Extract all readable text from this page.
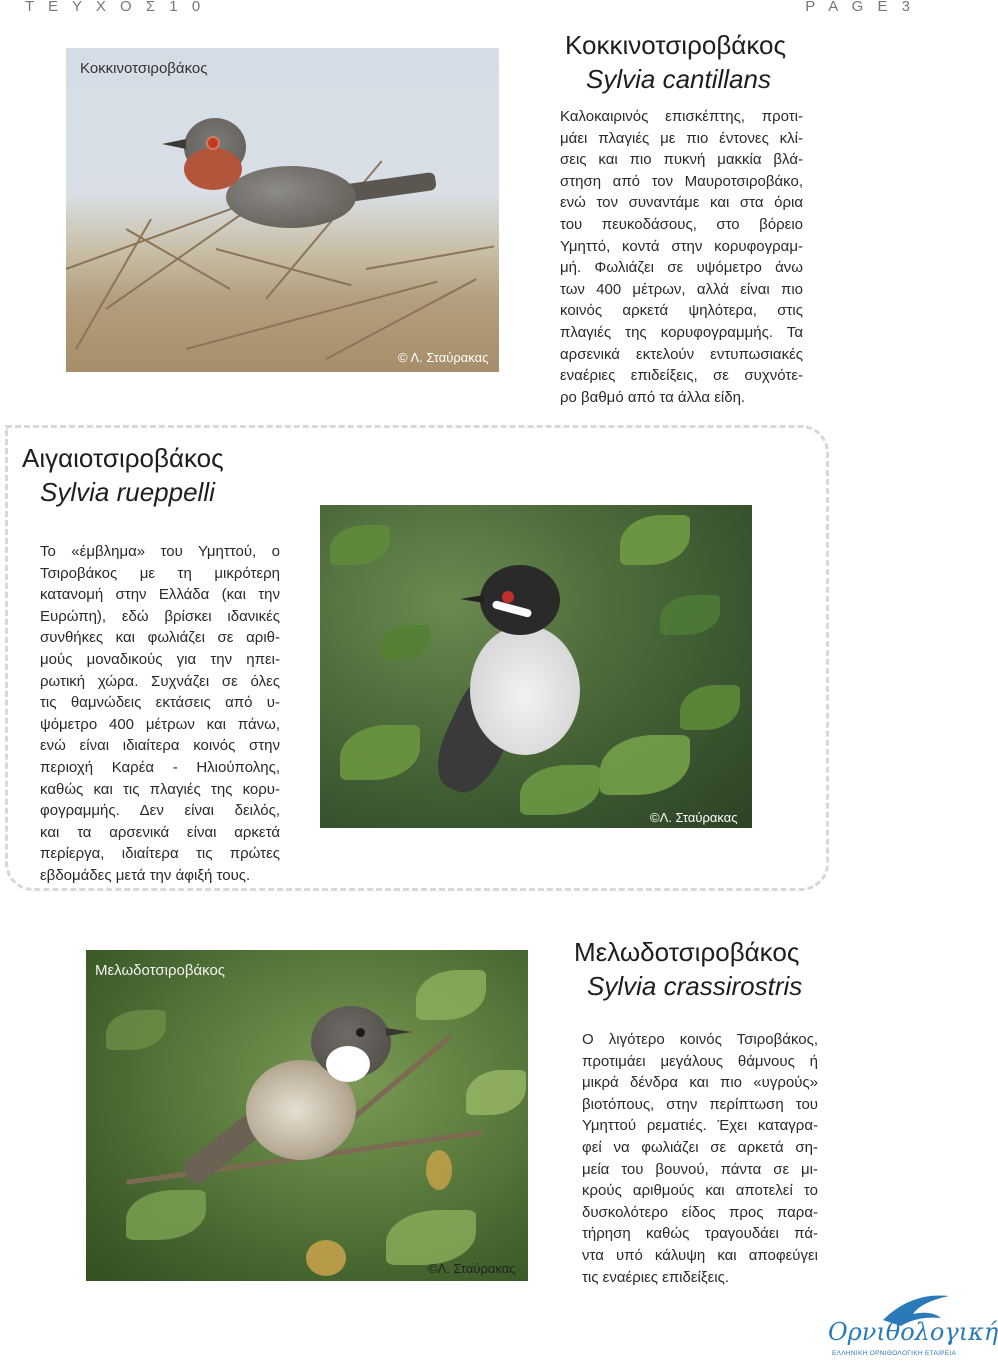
Τ Ε Υ Χ Ο Σ 1 0	P A G E 3
Κοκκινοτσιροβάκος
© Λ. Σταύρακας
Κοκκινοτσιροβάκος
Sylvia cantillans
Καλοκαιρινός επισκέπτης, προτι-
μάει πλαγιές με πιο έντονες κλί-
σεις και πιο πυκνή μακκία βλά-
στηση από τον Μαυροτσιροβάκο,
ενώ τον συναντάμε και στα όρια
του πευκοδάσους, στο βόρειο
Υμηττό, κοντά στην κορυφογραμ-
μή. Φωλιάζει σε υψόμετρο άνω
των 400 μέτρων, αλλά είναι πιο
κοινός αρκετά ψηλότερα, στις
πλαγιές της κορυφογραμμής. Τα
αρσενικά εκτελούν εντυπωσιακές
εναέριες επιδείξεις, σε συχνότε-
ρο βαθμό από τα άλλα είδη.
Αιγαιοτσιροβάκος
Sylvia rueppelli
Το «έμβλημα» του Υμηττού, ο
Τσιροβάκος με τη μικρότερη
κατανομή στην Ελλάδα (και την
Ευρώπη), εδώ βρίσκει ιδανικές
συνθήκες και φωλιάζει σε αριθ-
μούς μοναδικούς για την ηπει-
ρωτική χώρα. Συχνάζει σε όλες
τις θαμνώδεις εκτάσεις από υ-
ψόμετρο 400 μέτρων και πάνω,
ενώ είναι ιδιαίτερα κοινός στην
περιοχή Καρέα - Ηλιούπολης,
καθώς και τις πλαγιές της κορυ-
φογραμμής. Δεν είναι δειλός,
και τα αρσενικά είναι αρκετά
περίεργα, ιδιαίτερα τις πρώτες
εβδομάδες μετά την άφιξή τους.
©Λ. Σταύρακας
Μελωδοτσιροβάκος
©Λ. Σταύρακας
Μελωδοτσιροβάκος
Sylvia crassirostris
Ο λιγότερο κοινός Τσιροβάκος,
προτιμάει μεγάλους θάμνους ή
μικρά δένδρα και πιο «υγρούς»
βιοτόπους, στην περίπτωση του
Υμηττού ρεματιές. Έχει καταγρα-
φεί να φωλιάζει σε αρκετά ση-
μεία του βουνού, πάντα σε μι-
κρούς αριθμούς και αποτελεί το
δυσκολότερο είδος προς παρα-
τήρηση καθώς τραγουδάει πά-
ντα υπό κάλυψη και αποφεύγει
τις εναέριες επιδείξεις.
Ορνιθολογική
ΕΛΛΗΝΙΚΗ ΟΡΝΙΘΟΛΟΓΙΚΗ ΕΤΑΙΡΕΙΑ
